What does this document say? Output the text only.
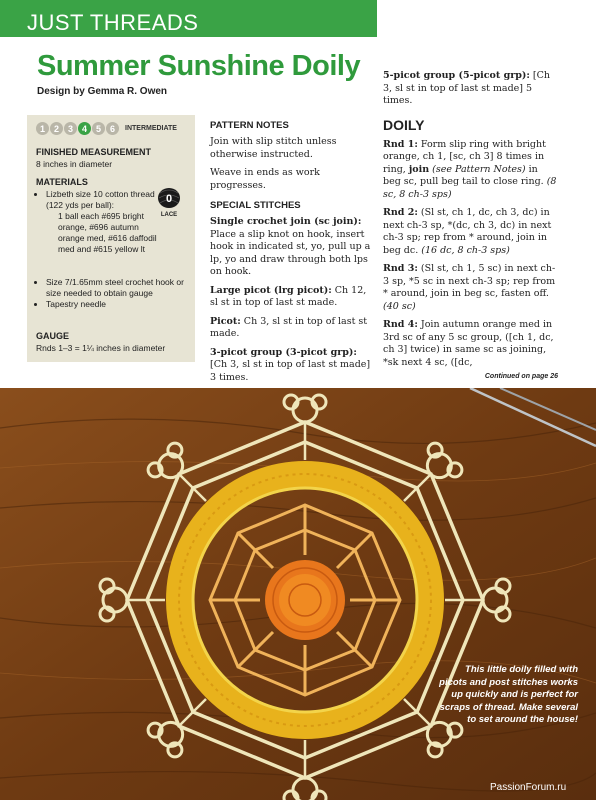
JUST THREADS
Summer Sunshine Doily
Design by Gemma R. Owen
1 2 3 4 5 6	INTERMEDIATE
FINISHED MEASUREMENT
8 inches in diameter
MATERIALS
• Lizbeth size 10 cotton thread (122 yds per ball):
1 ball each #695 bright orange, #696 autumn orange med, #616 daffodil med and #615 yellow lt
• Size 7/1.65mm steel crochet hook or size needed to obtain gauge
• Tapestry needle
0
LACE
GAUGE
Rnds 1–3 = 1¼ inches in diameter
PATTERN NOTES

Join with slip stitch unless otherwise instructed.

Weave in ends as work progresses.

SPECIAL STITCHES

Single crochet join (sc join): Place a slip knot on hook, insert hook in indicated st, yo, pull up a lp, yo and draw through both lps on hook.

Large picot (lrg picot): Ch 12, sl st in top of last st made.

Picot: Ch 3, sl st in top of last st made.

3-picot group (3-picot grp): [Ch 3, sl st in top of last st made] 3 times.

5-picot group (5-picot grp): [Ch 3, sl st in top of last st made] 5 times.

DOILY

Rnd 1: Form slip ring with bright orange, ch 1, [sc, ch 3] 8 times in ring, join (see Pattern Notes) in beg sc, pull beg tail to close ring. (8 sc, 8 ch-3 sps)

Rnd 2: (Sl st, ch 1, dc, ch 3, dc) in next ch-3 sp, *(dc, ch 3, dc) in next ch-3 sp; rep from * around, join in beg dc. (16 dc, 8 ch-3 sps)

Rnd 3: (Sl st, ch 1, 5 sc) in next ch-3 sp, *5 sc in next ch-3 sp; rep from * around, join in beg sc, fasten off. (40 sc)

Rnd 4: Join autumn orange med in 3rd sc of any 5 sc group, ([ch 1, dc, ch 3] twice) in same sc as joining, *sk next 4 sc, ([dc,

Continued on page 26
This little doily filled with picots and post stitches works up quickly and is perfect for scraps of thread. Make several to set around the house!
PassionForum.ru
